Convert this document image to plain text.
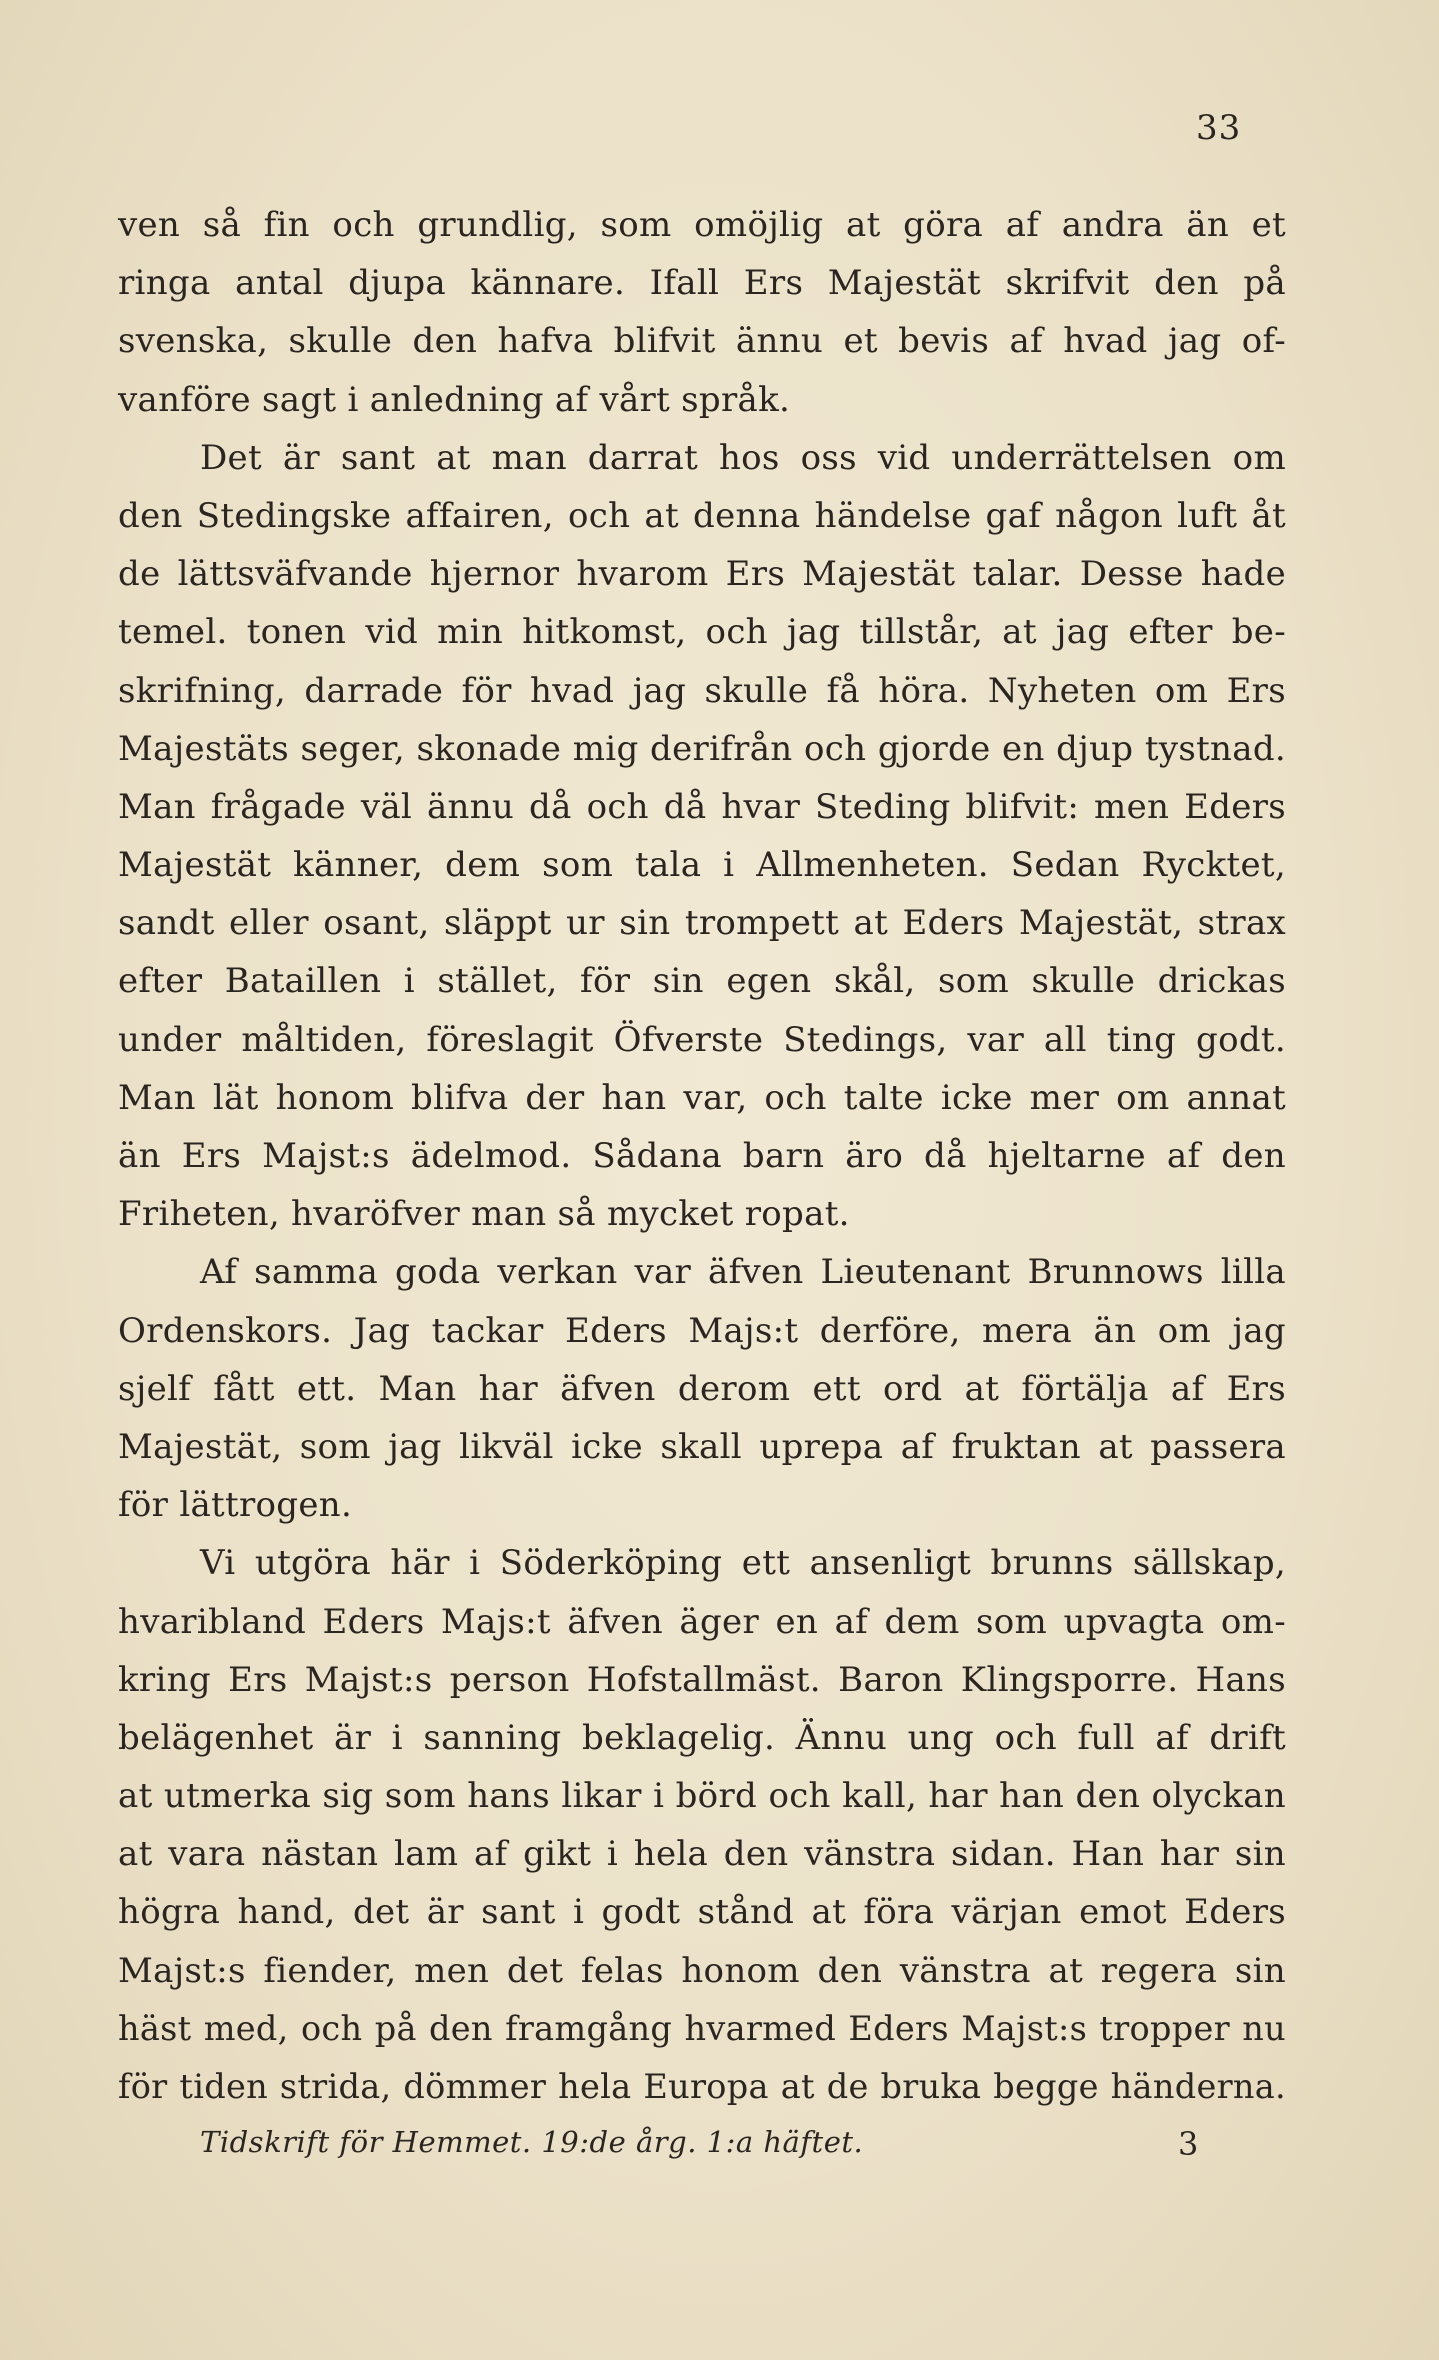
33
ven så fin och grundlig, som omöjlig at göra af andra än et
ringa antal djupa kännare. Ifall Ers Majestät skrifvit den på
svenska, skulle den hafva blifvit ännu et bevis af hvad jag of-
vanföre sagt i anledning af vårt språk.
Det är sant at man darrat hos oss vid underrättelsen om
den Stedingske affairen, och at denna händelse gaf någon luft åt
de lättsväfvande hjernor hvarom Ers Majestät talar. Desse hade
temel. tonen vid min hitkomst, och jag tillstår, at jag efter be-
skrifning, darrade för hvad jag skulle få höra. Nyheten om Ers
Majestäts seger, skonade mig derifrån och gjorde en djup tystnad.
Man frågade väl ännu då och då hvar Steding blifvit: men Eders
Majestät känner, dem som tala i Allmenheten. Sedan Rycktet,
sandt eller osant, släppt ur sin trompett at Eders Majestät, strax
efter Bataillen i stället, för sin egen skål, som skulle drickas
under måltiden, föreslagit Öfverste Stedings, var all ting godt.
Man lät honom blifva der han var, och talte icke mer om annat
än Ers Majst:s ädelmod. Sådana barn äro då hjeltarne af den
Friheten, hvaröfver man så mycket ropat.
Af samma goda verkan var äfven Lieutenant Brunnows lilla
Ordenskors. Jag tackar Eders Majs:t derföre, mera än om jag
sjelf fått ett. Man har äfven derom ett ord at förtälja af Ers
Majestät, som jag likväl icke skall uprepa af fruktan at passera
för lättrogen.
Vi utgöra här i Söderköping ett ansenligt brunns sällskap,
hvaribland Eders Majs:t äfven äger en af dem som upvagta om-
kring Ers Majst:s person Hofstallmäst. Baron Klingsporre. Hans
belägenhet är i sanning beklagelig. Ännu ung och full af drift
at utmerka sig som hans likar i börd och kall, har han den olyckan
at vara nästan lam af gikt i hela den vänstra sidan. Han har sin
högra hand, det är sant i godt stånd at föra värjan emot Eders
Majst:s fiender, men det felas honom den vänstra at regera sin
häst med, och på den framgång hvarmed Eders Majst:s tropper nu
för tiden strida, dömmer hela Europa at de bruka begge händerna.
Tidskrift för Hemmet. 19:de årg. 1:a häftet.	3
